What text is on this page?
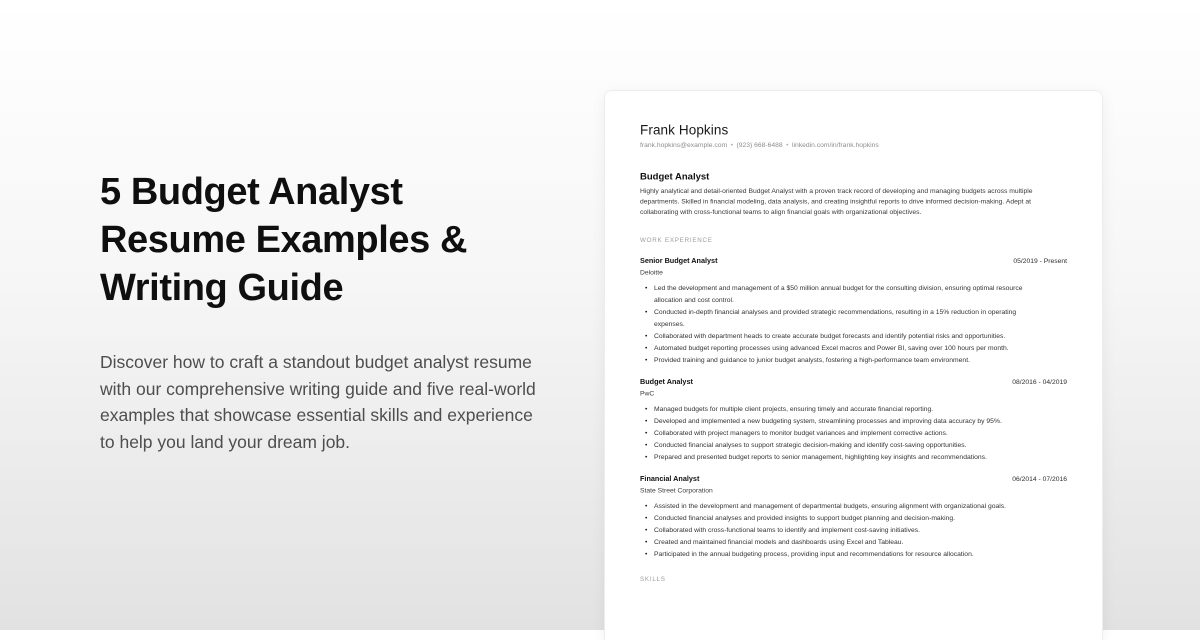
5 Budget Analyst Resume Examples & Writing Guide

Discover how to craft a standout budget analyst resume with our comprehensive writing guide and five real-world examples that showcase essential skills and experience to help you land your dream job.

Frank Hopkins
frank.hopkins@example.com • (923) 668-6488 • linkedin.com/in/frank.hopkins
Budget Analyst
Highly analytical and detail-oriented Budget Analyst with a proven track record of developing and managing budgets across multiple departments. Skilled in financial modeling, data analysis, and creating insightful reports to drive informed decision-making. Adept at collaborating with cross-functional teams to align financial goals with organizational objectives.
WORK EXPERIENCE
Senior Budget Analyst	05/2019 - Present
Deloitte
• Led the development and management of a $50 million annual budget for the consulting division, ensuring optimal resource allocation and cost control.
• Conducted in-depth financial analyses and provided strategic recommendations, resulting in a 15% reduction in operating expenses.
• Collaborated with department heads to create accurate budget forecasts and identify potential risks and opportunities.
• Automated budget reporting processes using advanced Excel macros and Power BI, saving over 100 hours per month.
• Provided training and guidance to junior budget analysts, fostering a high-performance team environment.
Budget Analyst	08/2016 - 04/2019
PwC
• Managed budgets for multiple client projects, ensuring timely and accurate financial reporting.
• Developed and implemented a new budgeting system, streamlining processes and improving data accuracy by 95%.
• Collaborated with project managers to monitor budget variances and implement corrective actions.
• Conducted financial analyses to support strategic decision-making and identify cost-saving opportunities.
• Prepared and presented budget reports to senior management, highlighting key insights and recommendations.
Financial Analyst	06/2014 - 07/2016
State Street Corporation
• Assisted in the development and management of departmental budgets, ensuring alignment with organizational goals.
• Conducted financial analyses and provided insights to support budget planning and decision-making.
• Collaborated with cross-functional teams to identify and implement cost-saving initiatives.
• Created and maintained financial models and dashboards using Excel and Tableau.
• Participated in the annual budgeting process, providing input and recommendations for resource allocation.
SKILLS
